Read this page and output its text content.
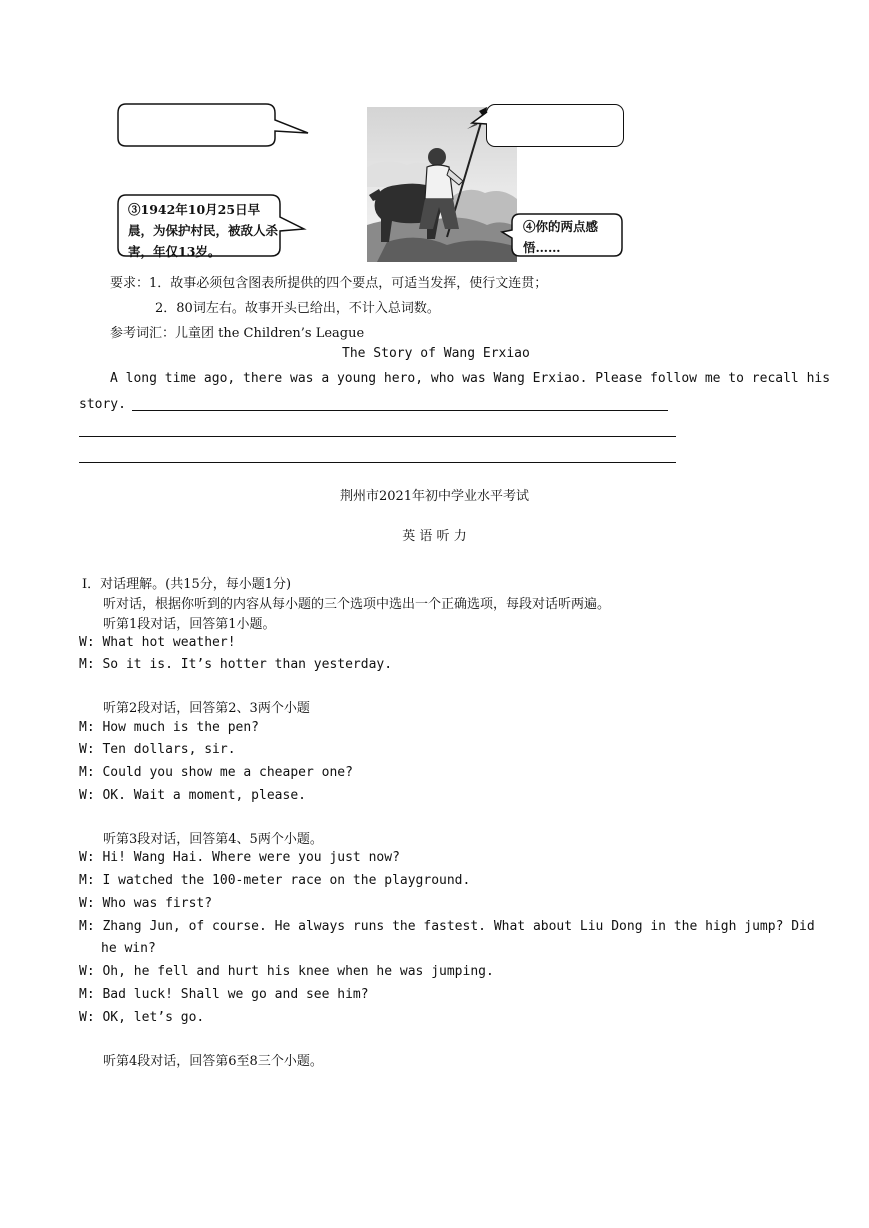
③1942年10月25日早晨，为保护村民，被敌人杀害，年仅13岁。
④你的两点感悟……
要求：1．故事必须包含图表所提供的四个要点，可适当发挥，使行文连贯；
2．80词左右。故事开头已给出，不计入总词数。
参考词汇：儿童团 the Children’s League
The Story of Wang Erxiao
A long time ago, there was a young hero, who was Wang Erxiao. Please follow me to recall his
story.
荆州市2021年初中学业水平考试
英 语 听 力
Ⅰ．对话理解。(共15分，每小题1分)
听对话，根据你听到的内容从每小题的三个选项中选出一个正确选项，每段对话听两遍。
听第1段对话，回答第1小题。
W: What hot weather!
M: So it is. It’s hotter than yesterday.
听第2段对话，回答第2、3两个小题
M: How much is the pen?
W: Ten dollars, sir.
M: Could you show me a cheaper one?
W: OK. Wait a moment, please.
听第3段对话，回答第4、5两个小题。
W: Hi! Wang Hai. Where were you just now?
M: I watched the 100-meter race on the playground.
W: Who was first?
M: Zhang Jun, of course. He always runs the fastest. What about Liu Dong in the high jump? Did
he win?
W: Oh, he fell and hurt his knee when he was jumping.
M: Bad luck! Shall we go and see him?
W: OK, let’s go.
听第4段对话，回答第6至8三个小题。
